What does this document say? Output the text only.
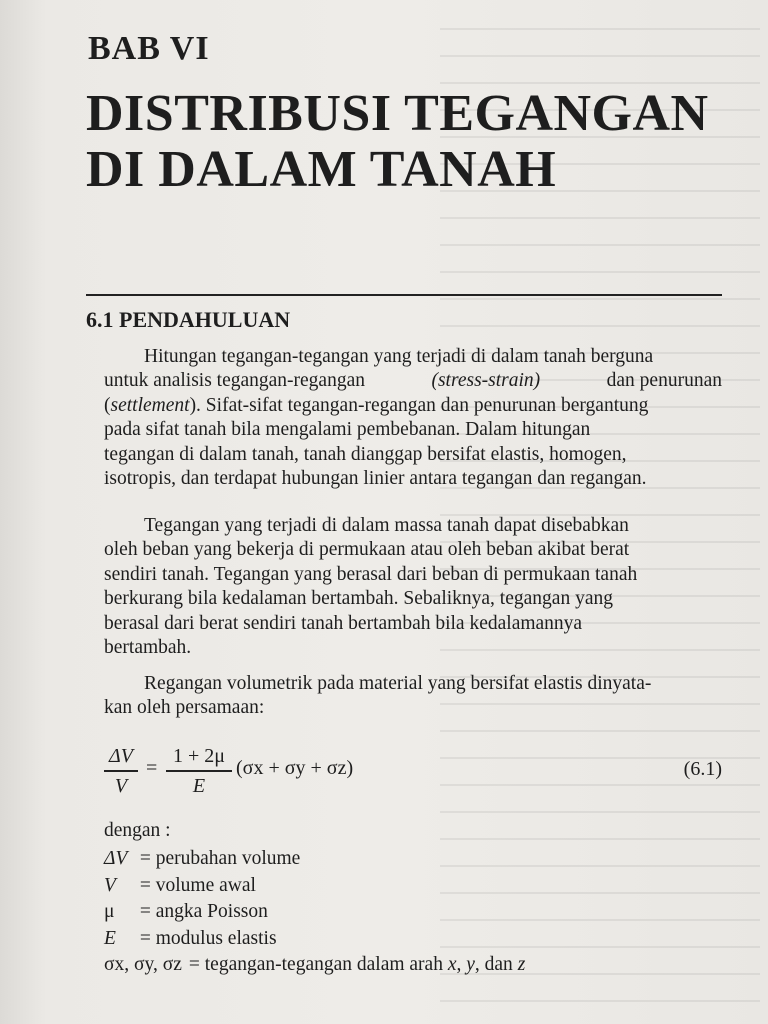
BAB VI
DISTRIBUSI TEGANGAN
DI DALAM TANAH
6.1 PENDAHULUAN
Hitungan tegangan-tegangan yang terjadi di dalam tanah berguna
untuk analisis tegangan-regangan	(stress-strain)	dan penurunan
(settlement). Sifat-sifat tegangan-regangan dan penurunan bergantung
pada sifat tanah bila mengalami pembebanan. Dalam hitungan
tegangan di dalam tanah, tanah dianggap bersifat elastis, homogen,
isotropis, dan terdapat hubungan linier antara tegangan dan regangan.
Tegangan yang terjadi di dalam massa tanah dapat disebabkan
oleh beban yang bekerja di permukaan atau oleh beban akibat berat
sendiri tanah. Tegangan yang berasal dari beban di permukaan tanah
berkurang bila kedalaman bertambah. Sebaliknya, tegangan yang
berasal dari berat sendiri tanah bertambah bila kedalamannya
bertambah.
Regangan volumetrik pada material yang bersifat elastis dinyata-
kan oleh persamaan:
ΔV
V
=
1 + 2μ
E
(σx + σy + σz)	(6.1)
dengan :
ΔV = perubahan volume
V = volume awal
μ = angka Poisson
E = modulus elastis
σx, σy, σz = tegangan-tegangan dalam arah x, y, dan z
